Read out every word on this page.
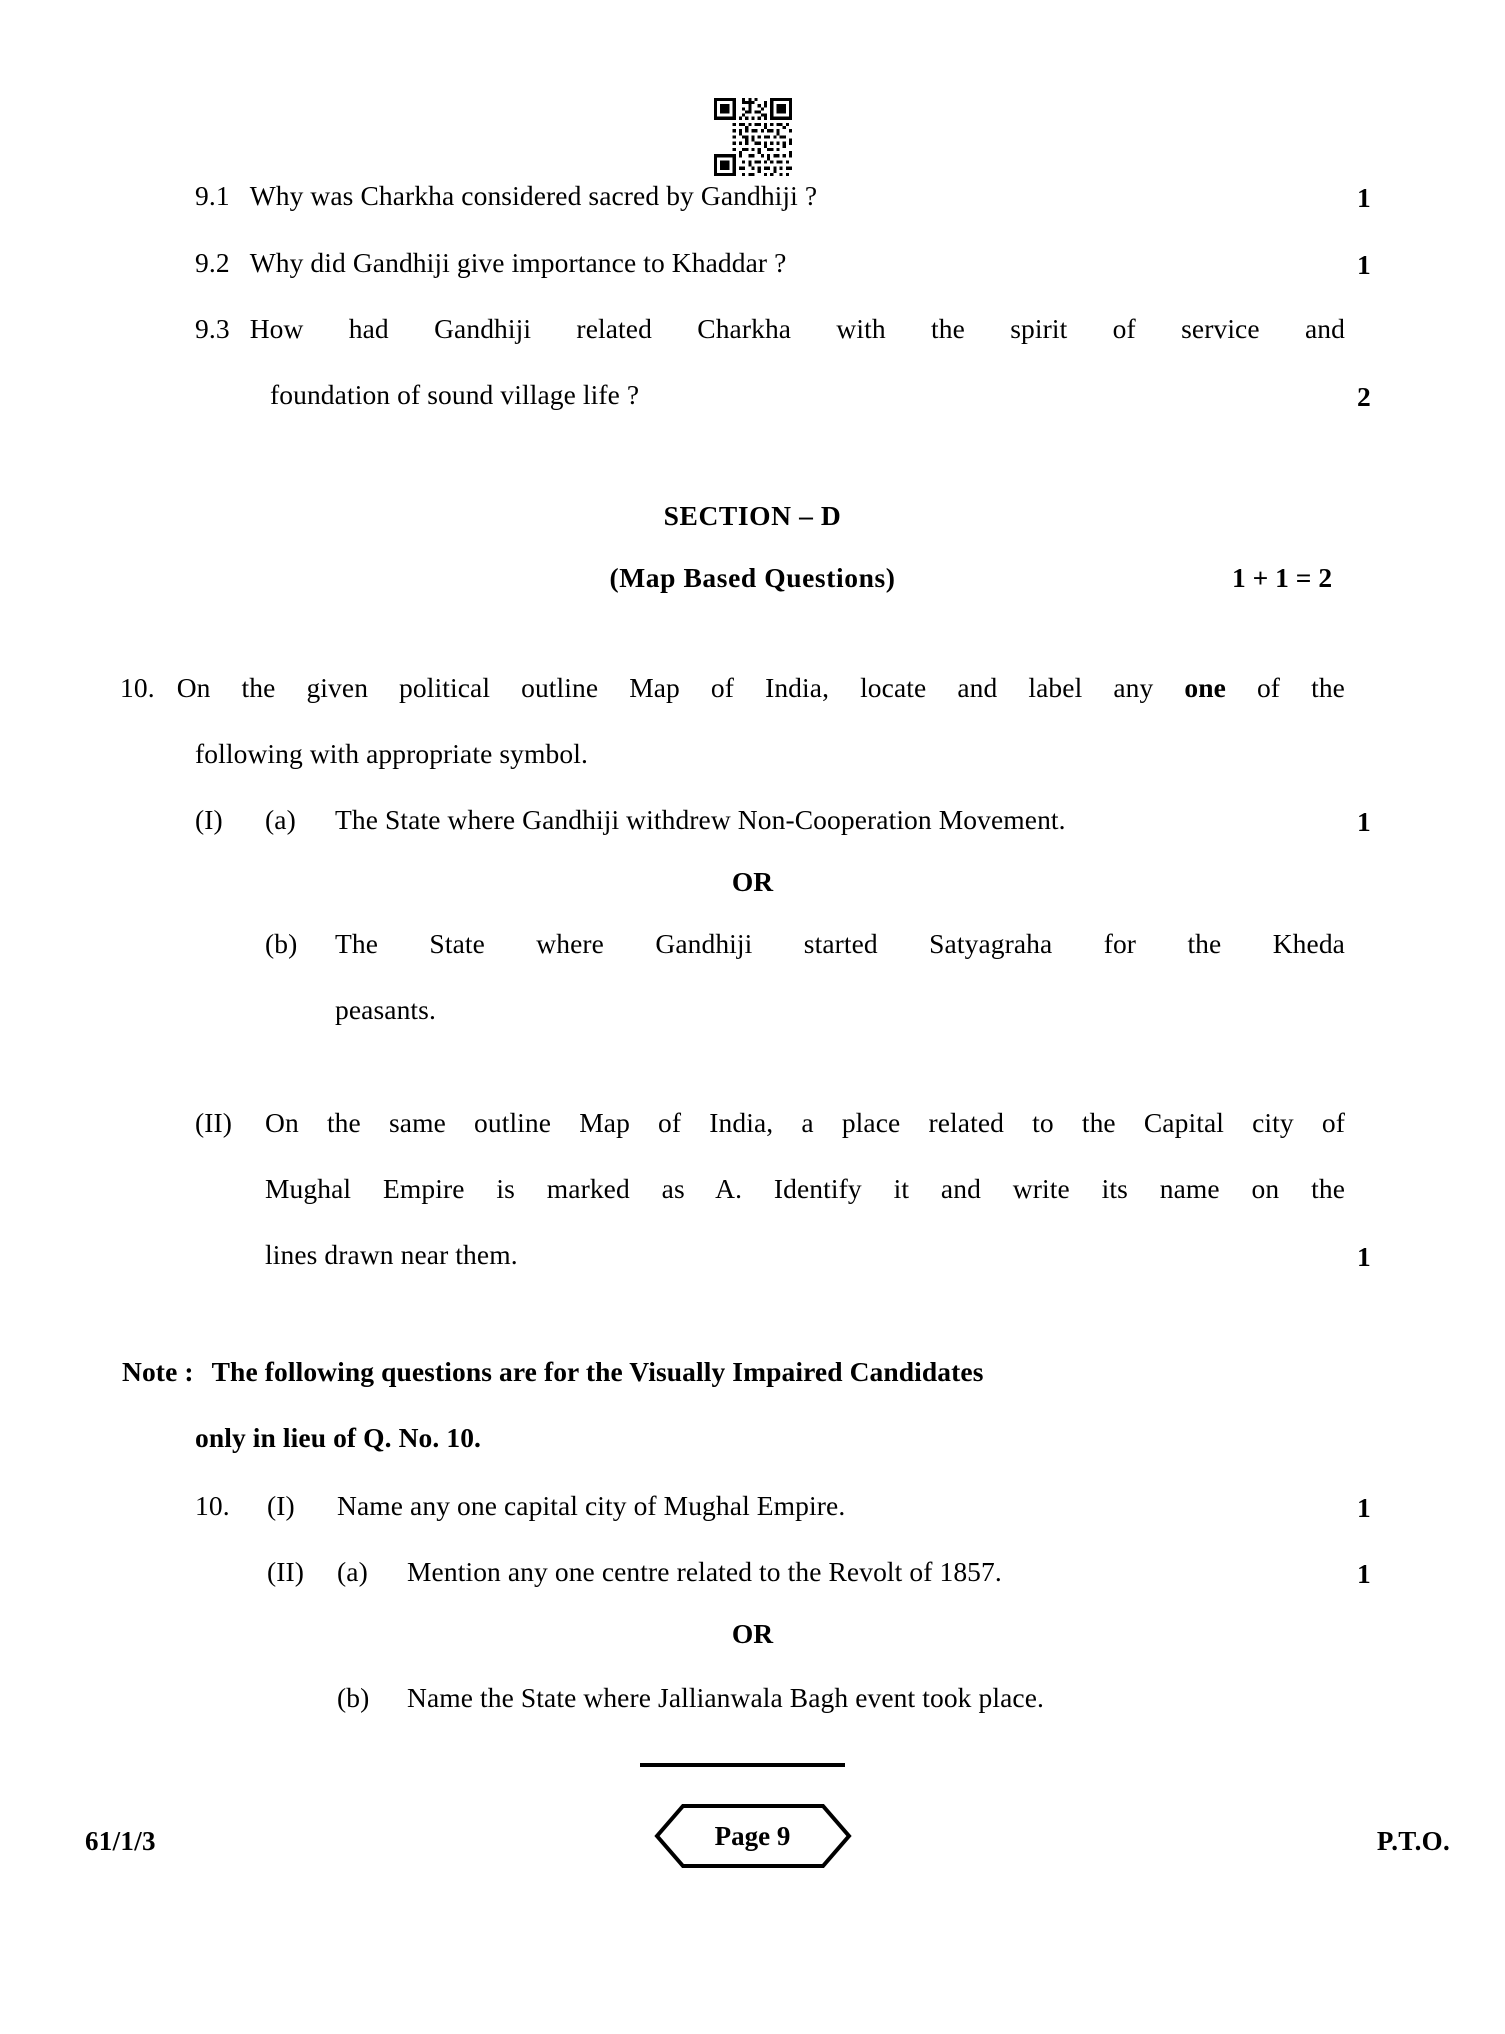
9.1 Why was Charkha considered sacred by Gandhiji ?	1
9.2 Why did Gandhiji give importance to Khaddar ?	1
9.3 How had Gandhiji related Charkha with the spirit of service and
foundation of sound village life ?	2
SECTION – D
(Map Based Questions)	1 + 1 = 2
10. On the given political outline Map of India, locate and label any one of the
following with appropriate symbol.
(I)	(a)	The State where Gandhiji withdrew Non-Cooperation Movement.	1
OR
(b)	The State where Gandhiji started Satyagraha for the Kheda
peasants.
(II)	On the same outline Map of India, a place related to the Capital city of
Mughal Empire is marked as A. Identify it and write its name on the
lines drawn near them.	1
Note : The following questions are for the Visually Impaired Candidates
only in lieu of Q. No. 10.
10.	(I)	Name any one capital city of Mughal Empire.	1
(II)	(a)	Mention any one centre related to the Revolt of 1857.	1
OR
(b)	Name the State where Jallianwala Bagh event took place.
61/1/3	Page 9	P.T.O.
